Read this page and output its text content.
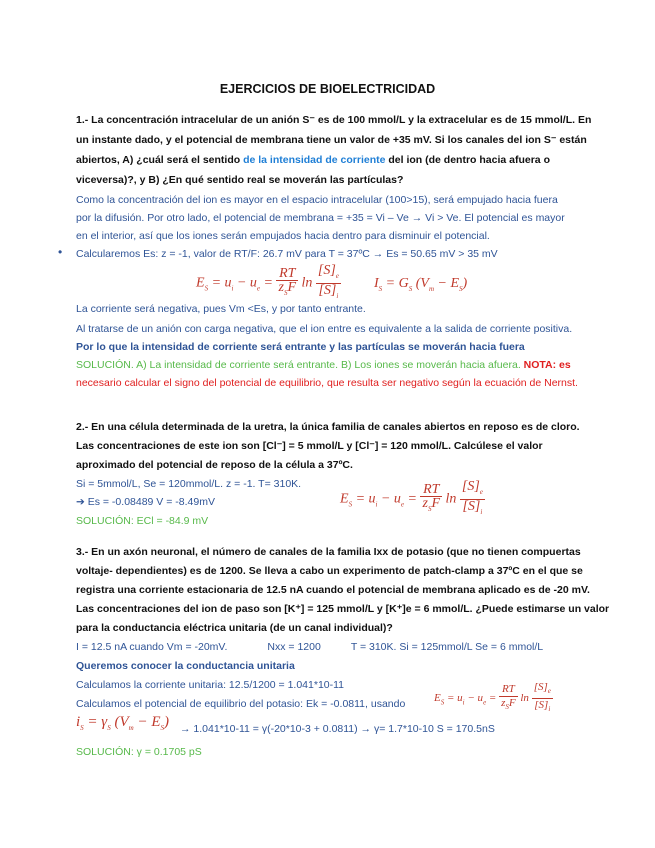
EJERCICIOS DE BIOELECTRICIDAD
1.- La concentración intracelular de un anión S⁻ es de 100 mmol/L y la extracelular es de 15 mmol/L. En
un instante dado, y el potencial de membrana tiene un valor de +35 mV. Si los canales del ion S⁻ están
abiertos, A) ¿cuál será el sentido de la intensidad de corriente del ion (de dentro hacia afuera o
viceversa)?, y B) ¿En qué sentido real se moverán las partículas?
Como la concentración del ion es mayor en el espacio intracelular (100>15), será empujado hacia fuera
por la difusión. Por otro lado, el potencial de membrana = +35 = Vi – Ve → Vi > Ve. El potencial es mayor
en el interior, así que los iones serán empujados hacia dentro para disminuir el potencial.
• Calcularemos Es: z = -1, valor de RT/F: 26.7 mV para T = 37ºC → Es = 50.65 mV > 35 mV
$E_S = u_i - u_e = \frac{RT}{z_SF}$ $\ln \frac{[S]_e}{[S]_i} I_S = G_S$ $(V_m - E_S)$
La corriente será negativa, pues Vm <Es, y por tanto entrante.
Al tratarse de un anión con carga negativa, que el ion entre es equivalente a la salida de corriente positiva.
Por lo que la intensidad de corriente será entrante y las partículas se moverán hacia fuera
SOLUCIÓN. A) La intensidad de corriente será entrante. B) Los iones se moverán hacia afuera. NOTA: es
necesario calcular el signo del potencial de equilibrio, que resulta ser negativo según la ecuación de Nernst.
2.- En una célula determinada de la uretra, la única familia de canales abiertos en reposo es de cloro.
Las concentraciones de este ion son [Cl⁻] = 5 mmol/L y [Cl⁻] = 120 mmol/L. Calcúlese el valor
aproximado del potencial de reposo de la célula a 37ºC.
Si = 5mmol/L, Se = 120mmol/L. z = -1. T= 310K.
➔ Es = -0.08489 V = -8.49mV
SOLUCIÓN: ECl = -84.9 mV
$E_S = u_i - u_e = \frac{RT}{z_SF}$ $\ln \frac{[S]_e}{[S]_i}$
3.- En un axón neuronal, el número de canales de la familia Ixx de potasio (que no tienen compuertas
voltaje- dependientes) es de 1200. Se lleva a cabo un experimento de patch-clamp a 37ºC en el que se
registra una corriente estacionaria de 12.5 nA cuando el potencial de membrana aplicado es de -20 mV.
Las concentraciones del ion de paso son [K⁺] = 125 mmol/L y [K⁺]e = 6 mmol/L. ¿Puede estimarse un valor
para la conductancia eléctrica unitaria (de un canal individual)?
I = 12.5 nA cuando Vm = -20mV.	Nxx = 1200	T = 310K. Si = 125mmol/L Se = 6 mmol/L
Queremos conocer la conductancia unitaria
Calculamos la corriente unitaria: 12.5/1200 = 1.041*10-11
Calculamos el potencial de equilibrio del potasio: Ek = -0.0811, usando	$E_S = u_i - u_e = \frac{RT}{z_SF}$ $\ln \frac{[S]_e}{[S]_i}$
$i_S = \gamma_S$ $(V_m - E_S) \to 1.041*10-11 = \gamma(-20*10-3 + 0.0811) \to \gamma= 1.7*10-10$ S = 170.5nS
SOLUCIÓN: γ = 0.1705 pS
